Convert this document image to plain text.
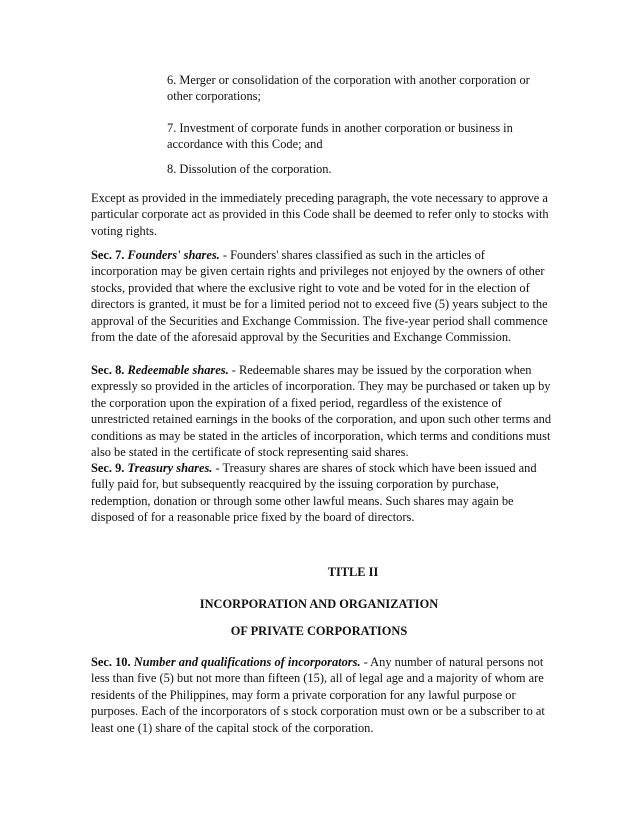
6. Merger or consolidation of the corporation with another corporation or other corporations;

7. Investment of corporate funds in another corporation or business in accordance with this Code; and

8. Dissolution of the corporation.

Except as provided in the immediately preceding paragraph, the vote necessary to approve a particular corporate act as provided in this Code shall be deemed to refer only to stocks with voting rights.

Sec. 7. Founders' shares. - Founders' shares classified as such in the articles of incorporation may be given certain rights and privileges not enjoyed by the owners of other stocks, provided that where the exclusive right to vote and be voted for in the election of directors is granted, it must be for a limited period not to exceed five (5) years subject to the approval of the Securities and Exchange Commission. The five-year period shall commence from the date of the aforesaid approval by the Securities and Exchange Commission.

Sec. 8. Redeemable shares. - Redeemable shares may be issued by the corporation when expressly so provided in the articles of incorporation. They may be purchased or taken up by the corporation upon the expiration of a fixed period, regardless of the existence of unrestricted retained earnings in the books of the corporation, and upon such other terms and conditions as may be stated in the articles of incorporation, which terms and conditions must also be stated in the certificate of stock representing said shares.

Sec. 9. Treasury shares. - Treasury shares are shares of stock which have been issued and fully paid for, but subsequently reacquired by the issuing corporation by purchase, redemption, donation or through some other lawful means. Such shares may again be disposed of for a reasonable price fixed by the board of directors.

TITLE II

INCORPORATION AND ORGANIZATION

OF PRIVATE CORPORATIONS

Sec. 10. Number and qualifications of incorporators. - Any number of natural persons not less than five (5) but not more than fifteen (15), all of legal age and a majority of whom are residents of the Philippines, may form a private corporation for any lawful purpose or purposes. Each of the incorporators of s stock corporation must own or be a subscriber to at least one (1) share of the capital stock of the corporation.
